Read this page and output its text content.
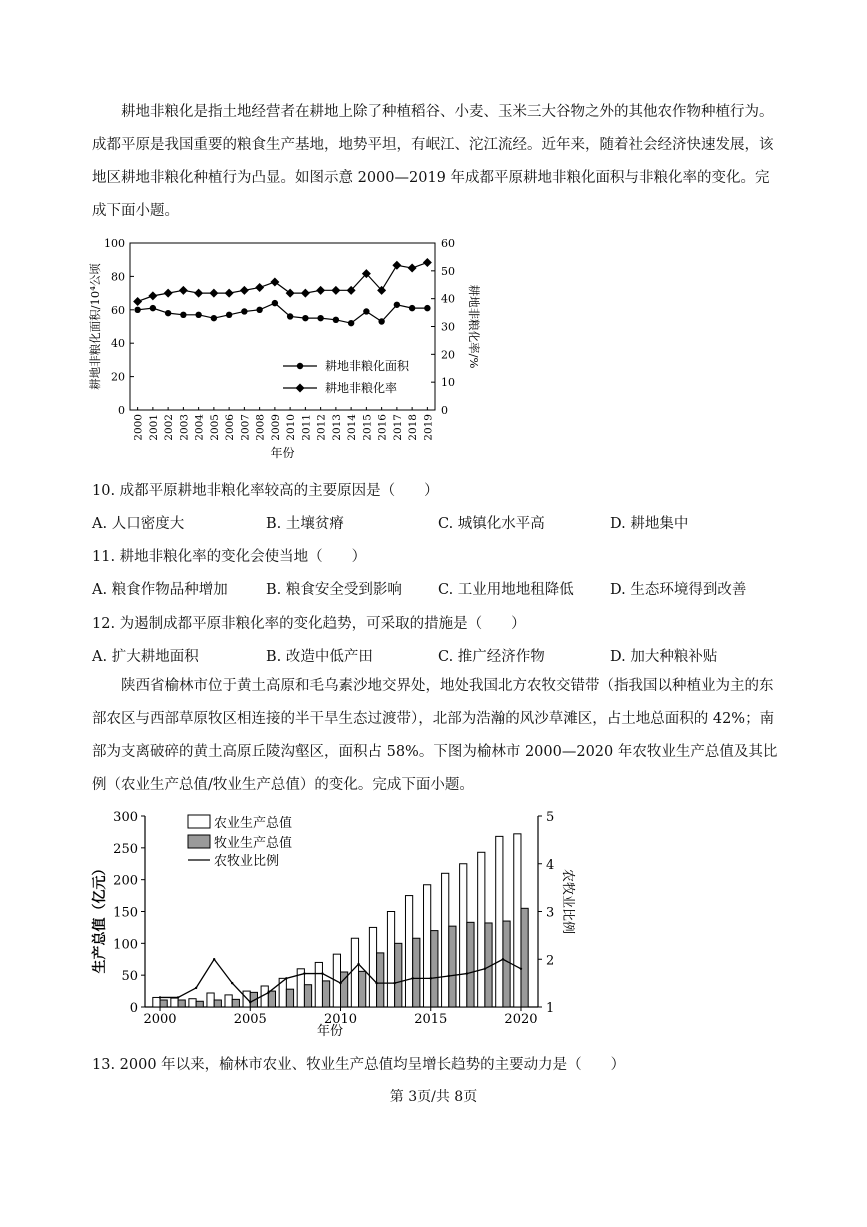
耕地非粮化是指土地经营者在耕地上除了种植稻谷、小麦、玉米三大谷物之外的其他农作物种植行为。成都平原是我国重要的粮食生产基地，地势平坦，有岷江、沱江流经。近年来，随着社会经济快速发展，该地区耕地非粮化种植行为凸显。如图示意 2000—2019 年成都平原耕地非粮化面积与非粮化率的变化。完成下面小题。
0
20
40
60
80
100
0
10
20
30
40
50
60
2000 2001 2002 2003 2004 2005 2006 2007 2008 2009 2010 2011 2012 2013 2014 2015 2016 2017 2018 2019
年份
耕地非粮化面积/10⁴公顷	耕地非粮化率/%
耕地非粮化面积
耕地非粮化率
10. 成都平原耕地非粮化率较高的主要原因是（　　）
A. 人口密度大	B. 土壤贫瘠	C. 城镇化水平高	D. 耕地集中
11. 耕地非粮化率的变化会使当地（　　）
A. 粮食作物品种增加	B. 粮食安全受到影响 C. 工业用地地租降低 D. 生态环境得到改善
12. 为遏制成都平原非粮化率的变化趋势，可采取的措施是（　　）
A. 扩大耕地面积	B. 改造中低产田	C. 推广经济作物	D. 加大种粮补贴
陕西省榆林市位于黄土高原和毛乌素沙地交界处，地处我国北方农牧交错带（指我国以种植业为主的东部农区与西部草原牧区相连接的半干旱生态过渡带），北部为浩瀚的风沙草滩区，占土地总面积的 42%；南部为支离破碎的黄土高原丘陵沟壑区，面积占 58%。下图为榆林市 2000—2020 年农牧业生产总值及其比例（农业生产总值/牧业生产总值）的变化。完成下面小题。
0
50
100
150
200
250
300
1
2
3
4
5
2000	2005	2010	2015	2020
年份
生产总值（亿元）	农牧业比例
农业生产总值
牧业生产总值
农牧业比例
13. 2000 年以来，榆林市农业、牧业生产总值均呈增长趋势的主要动力是（　　）
第 3页/共 8页
